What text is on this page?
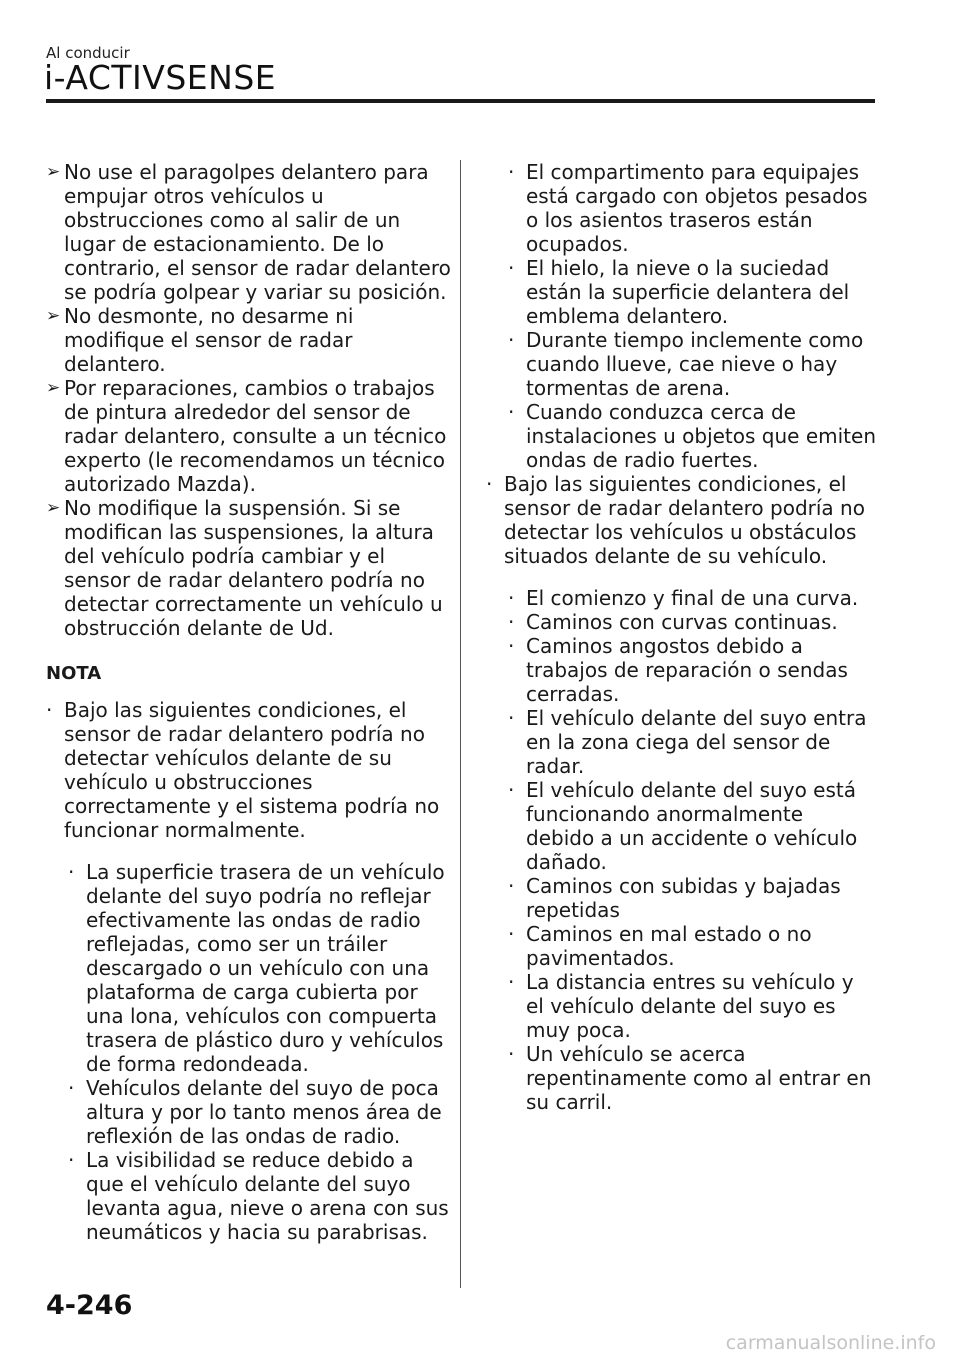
Al conducir
i-ACTIVSENSE
➢ No use el paragolpes delantero para empujar otros vehículos u obstrucciones como al salir de un lugar de estacionamiento. De lo contrario, el sensor de radar delantero se podría golpear y variar su posición.
➢ No desmonte, no desarme ni modifique el sensor de radar delantero.
➢ Por reparaciones, cambios o trabajos de pintura alrededor del sensor de radar delantero, consulte a un técnico experto (le recomendamos un técnico autorizado Mazda).
➢ No modifique la suspensión. Si se modifican las suspensiones, la altura del vehículo podría cambiar y el sensor de radar delantero podría no detectar correctamente un vehículo u obstrucción delante de Ud.
NOTA
· Bajo las siguientes condiciones, el sensor de radar delantero podría no detectar vehículos delante de su vehículo u obstrucciones correctamente y el sistema podría no funcionar normalmente.
· La superficie trasera de un vehículo delante del suyo podría no reflejar efectivamente las ondas de radio reflejadas, como ser un tráiler descargado o un vehículo con una plataforma de carga cubierta por una lona, vehículos con compuerta trasera de plástico duro y vehículos de forma redondeada.
· Vehículos delante del suyo de poca altura y por lo tanto menos área de reflexión de las ondas de radio.
· La visibilidad se reduce debido a que el vehículo delante del suyo levanta agua, nieve o arena con sus neumáticos y hacia su parabrisas.
· El compartimento para equipajes está cargado con objetos pesados o los asientos traseros están ocupados.
· El hielo, la nieve o la suciedad están la superficie delantera del emblema delantero.
· Durante tiempo inclemente como cuando llueve, cae nieve o hay tormentas de arena.
· Cuando conduzca cerca de instalaciones u objetos que emiten ondas de radio fuertes.
· Bajo las siguientes condiciones, el sensor de radar delantero podría no detectar los vehículos u obstáculos situados delante de su vehículo.
· El comienzo y final de una curva.
· Caminos con curvas continuas.
· Caminos angostos debido a trabajos de reparación o sendas cerradas.
· El vehículo delante del suyo entra en la zona ciega del sensor de radar.
· El vehículo delante del suyo está funcionando anormalmente debido a un accidente o vehículo dañado.
· Caminos con subidas y bajadas repetidas
· Caminos en mal estado o no pavimentados.
· La distancia entres su vehículo y el vehículo delante del suyo es muy poca.
· Un vehículo se acerca repentinamente como al entrar en su carril.
4-246
carmanualsonline.info
